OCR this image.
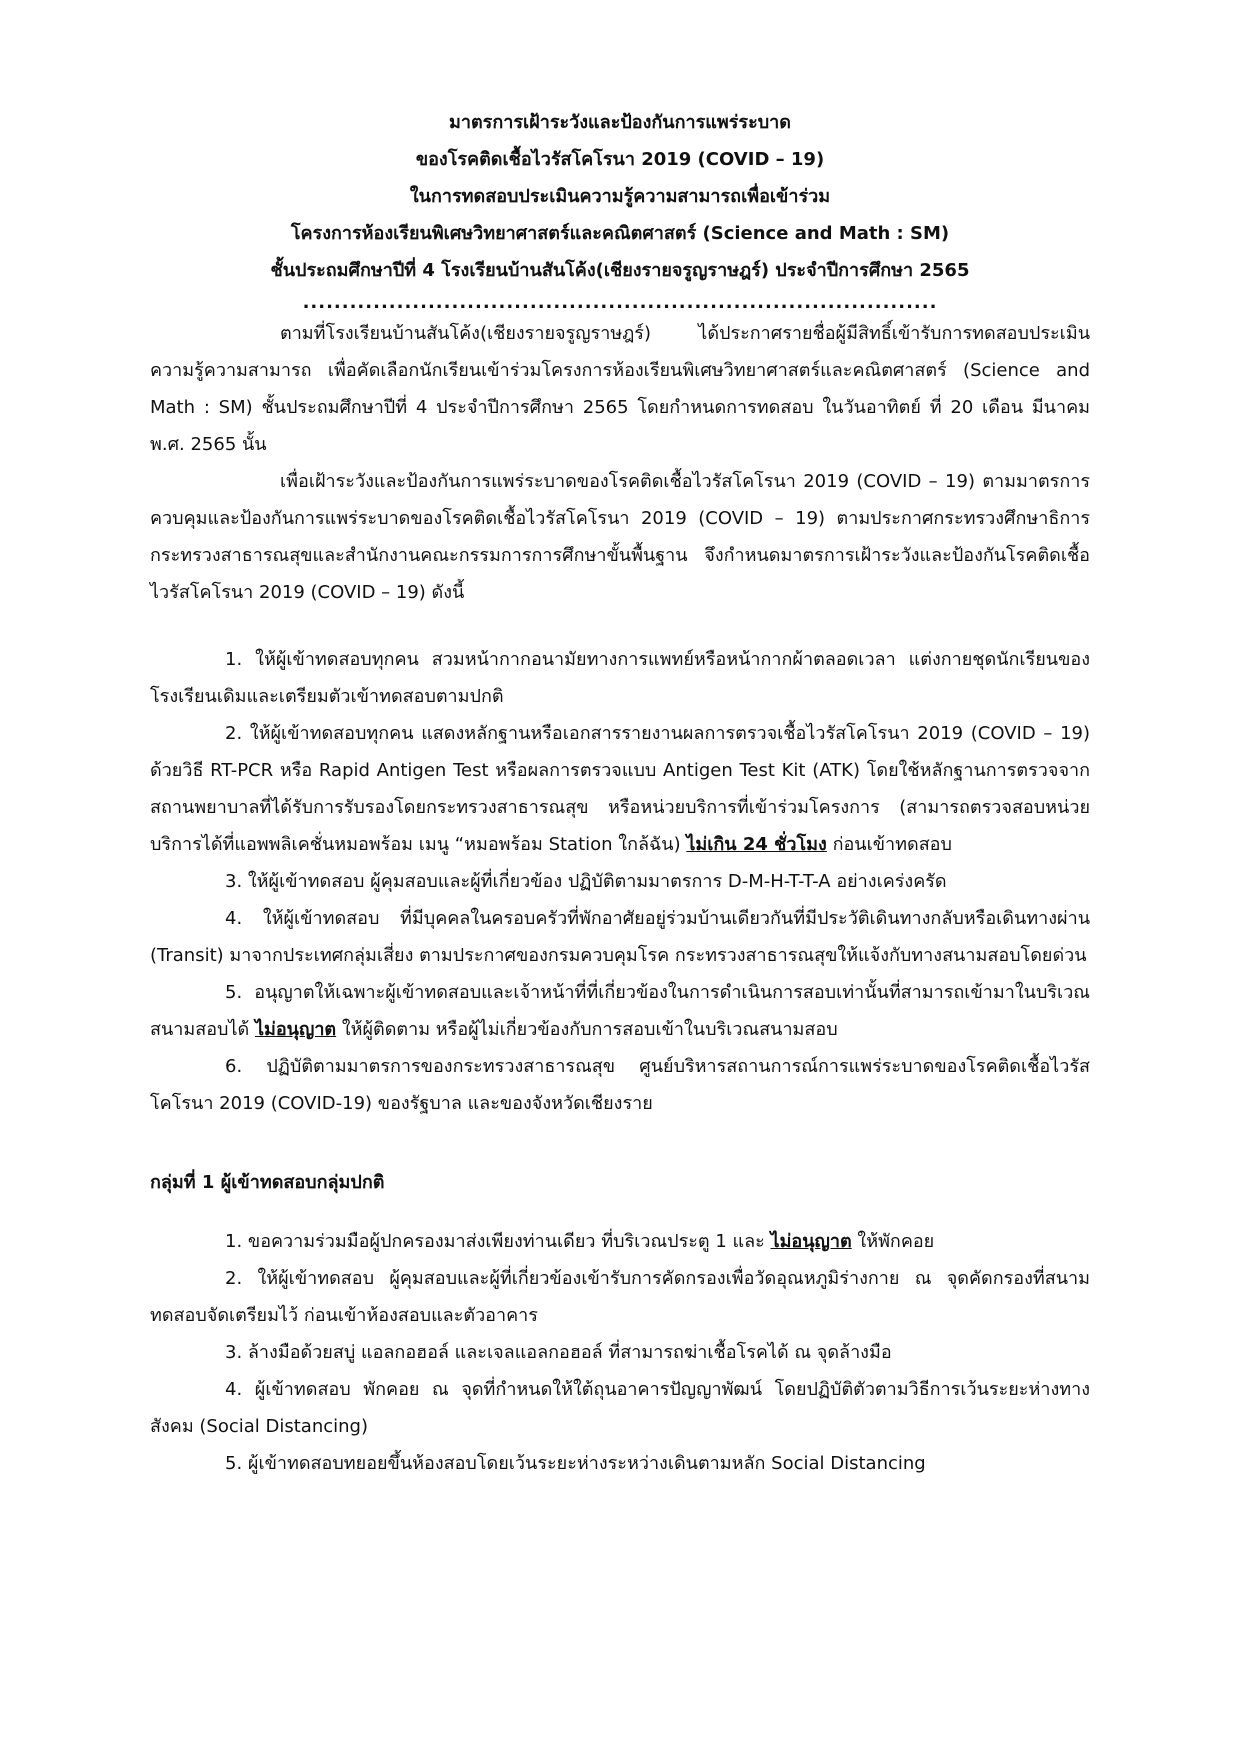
มาตรการเฝ้าระวังและป้องกันการแพร่ระบาด
ของโรคติดเชื้อไวรัสโคโรนา 2019 (COVID – 19)
ในการทดสอบประเมินความรู้ความสามารถเพื่อเข้าร่วม
โครงการห้องเรียนพิเศษวิทยาศาสตร์และคณิตศาสตร์ (Science and Math : SM)
ชั้นประถมศึกษาปีที่ 4 โรงเรียนบ้านสันโค้ง(เชียงรายจรูญราษฎร์) ประจำปีการศึกษา 2565
.................................................................................

ตามที่โรงเรียนบ้านสันโค้ง(เชียงรายจรูญราษฎร์) ได้ประกาศรายชื่อผู้มีสิทธิ์เข้ารับการทดสอบประเมินความรู้ความสามารถ เพื่อคัดเลือกนักเรียนเข้าร่วมโครงการห้องเรียนพิเศษวิทยาศาสตร์และคณิตศาสตร์ (Science and Math : SM) ชั้นประถมศึกษาปีที่ 4 ประจำปีการศึกษา 2565 โดยกำหนดการทดสอบ ในวันอาทิตย์ ที่ 20 เดือน มีนาคม พ.ศ. 2565 นั้น

เพื่อเฝ้าระวังและป้องกันการแพร่ระบาดของโรคติดเชื้อไวรัสโคโรนา 2019 (COVID – 19) ตามมาตรการควบคุมและป้องกันการแพร่ระบาดของโรคติดเชื้อไวรัสโคโรนา 2019 (COVID – 19) ตามประกาศกระทรวงศึกษาธิการ กระทรวงสาธารณสุขและสำนักงานคณะกรรมการการศึกษาขั้นพื้นฐาน จึงกำหนดมาตรการเฝ้าระวังและป้องกันโรคติดเชื้อไวรัสโคโรนา 2019 (COVID – 19) ดังนี้

1. ให้ผู้เข้าทดสอบทุกคน สวมหน้ากากอนามัยทางการแพทย์หรือหน้ากากผ้าตลอดเวลา แต่งกายชุดนักเรียนของโรงเรียนเดิมและเตรียมตัวเข้าทดสอบตามปกติ

2. ให้ผู้เข้าทดสอบทุกคน แสดงหลักฐานหรือเอกสารรายงานผลการตรวจเชื้อไวรัสโคโรนา 2019 (COVID – 19) ด้วยวิธี RT-PCR หรือ Rapid Antigen Test หรือผลการตรวจแบบ Antigen Test Kit (ATK) โดยใช้หลักฐานการตรวจจากสถานพยาบาลที่ได้รับการรับรองโดยกระทรวงสาธารณสุข หรือหน่วยบริการที่เข้าร่วมโครงการ (สามารถตรวจสอบหน่วยบริการได้ที่แอพพลิเคชั่นหมอพร้อม เมนู “หมอพร้อม Station ใกล้ฉัน) ไม่เกิน 24 ชั่วโมง ก่อนเข้าทดสอบ

3. ให้ผู้เข้าทดสอบ ผู้คุมสอบและผู้ที่เกี่ยวข้อง ปฏิบัติตามมาตรการ D-M-H-T-T-A อย่างเคร่งครัด

4. ให้ผู้เข้าทดสอบ ที่มีบุคคลในครอบครัวที่พักอาศัยอยู่ร่วมบ้านเดียวกันที่มีประวัติเดินทางกลับหรือเดินทางผ่าน (Transit) มาจากประเทศกลุ่มเสี่ยง ตามประกาศของกรมควบคุมโรค กระทรวงสาธารณสุขให้แจ้งกับทางสนามสอบโดยด่วน

5. อนุญาตให้เฉพาะผู้เข้าทดสอบและเจ้าหน้าที่ที่เกี่ยวข้องในการดำเนินการสอบเท่านั้นที่สามารถเข้ามาในบริเวณสนามสอบได้ ไม่อนุญาต ให้ผู้ติดตาม หรือผู้ไม่เกี่ยวข้องกับการสอบเข้าในบริเวณสนามสอบ

6. ปฏิบัติตามมาตรการของกระทรวงสาธารณสุข ศูนย์บริหารสถานการณ์การแพร่ระบาดของโรคติดเชื้อไวรัสโคโรนา 2019 (COVID-19) ของรัฐบาล และของจังหวัดเชียงราย

กลุ่มที่ 1 ผู้เข้าทดสอบกลุ่มปกติ

1. ขอความร่วมมือผู้ปกครองมาส่งเพียงท่านเดียว ที่บริเวณประตู 1 และ ไม่อนุญาต ให้พักคอย

2. ให้ผู้เข้าทดสอบ ผู้คุมสอบและผู้ที่เกี่ยวข้องเข้ารับการคัดกรองเพื่อวัดอุณหภูมิร่างกาย ณ จุดคัดกรองที่สนามทดสอบจัดเตรียมไว้ ก่อนเข้าห้องสอบและตัวอาคาร

3. ล้างมือด้วยสบู่ แอลกอฮอล์ และเจลแอลกอฮอล์ ที่สามารถฆ่าเชื้อโรคได้ ณ จุดล้างมือ

4. ผู้เข้าทดสอบ พักคอย ณ จุดที่กำหนดให้ใต้ถุนอาคารปัญญาพัฒน์ โดยปฏิบัติตัวตามวิธีการเว้นระยะห่างทางสังคม (Social Distancing)

5. ผู้เข้าทดสอบทยอยขึ้นห้องสอบโดยเว้นระยะห่างระหว่างเดินตามหลัก Social Distancing
